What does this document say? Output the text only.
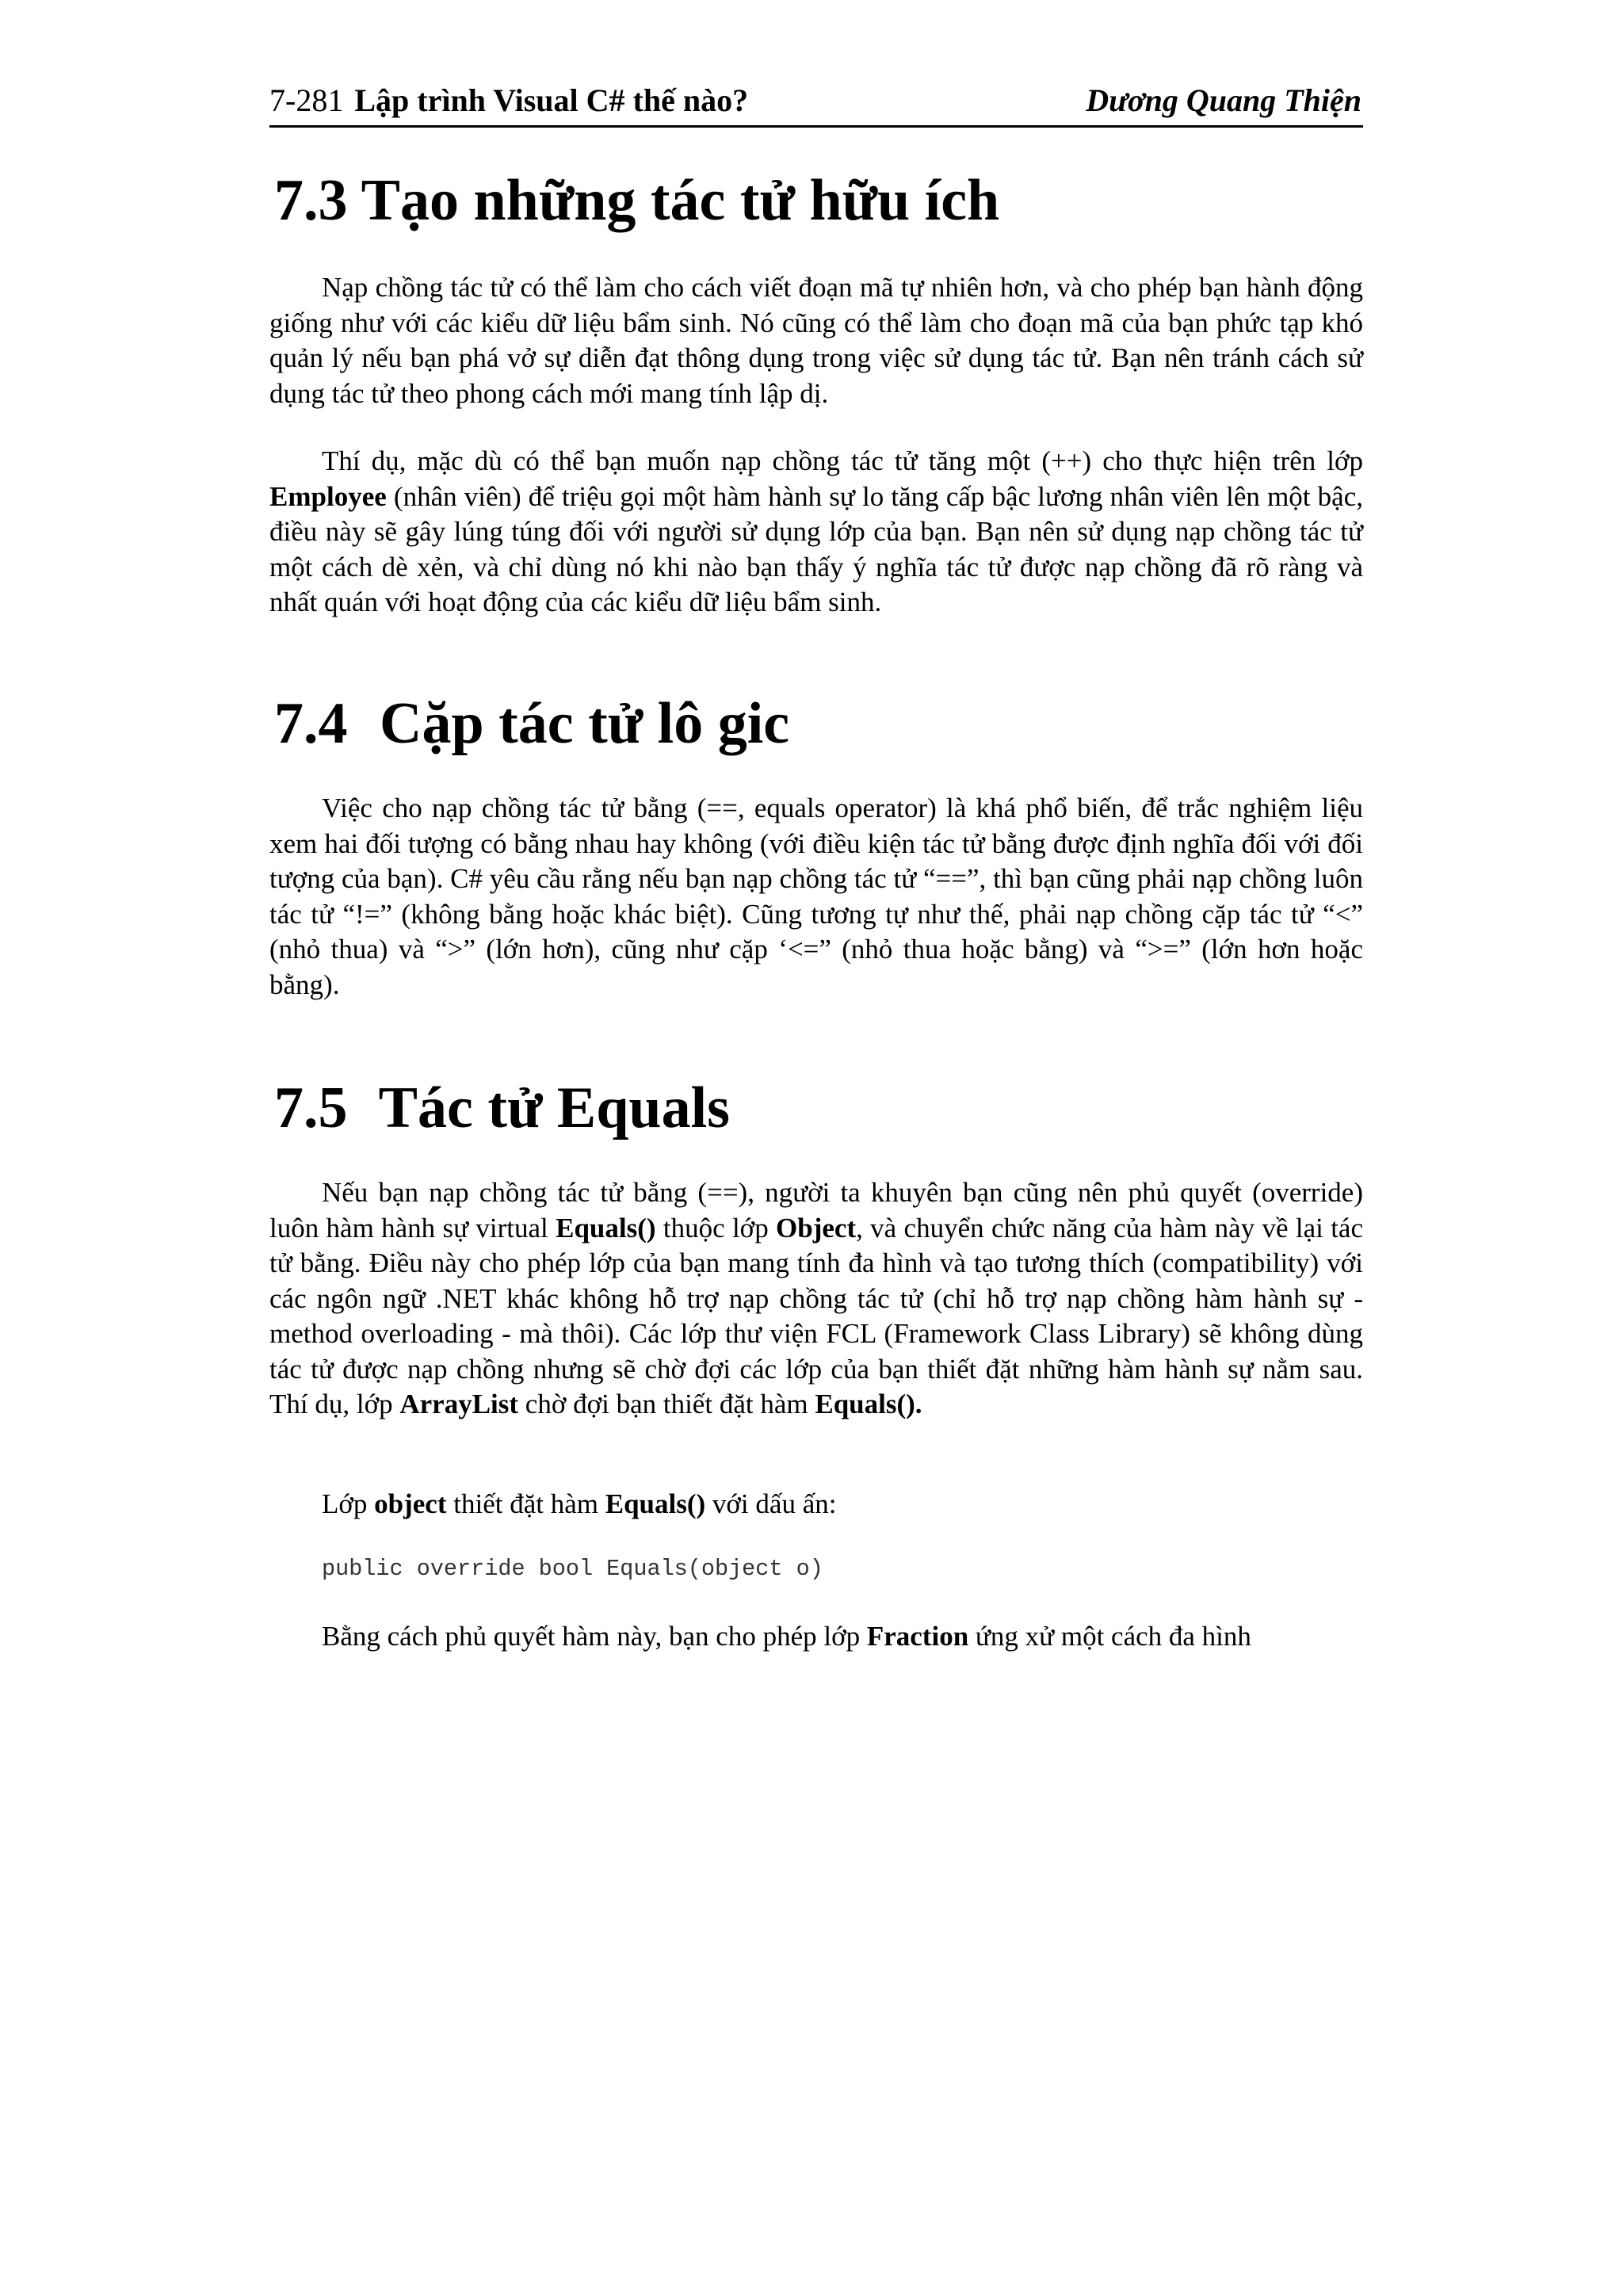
7-281 Lập trình Visual C# thế nào?	Dương Quang Thiện
7.3 Tạo những tác tử hữu ích

Nạp chồng tác tử có thể làm cho cách viết đoạn mã tự nhiên hơn, và cho phép bạn hành động giống như với các kiểu dữ liệu bẩm sinh. Nó cũng có thể làm cho đoạn mã của bạn phức tạp khó quản lý nếu bạn phá vở sự diễn đạt thông dụng trong việc sử dụng tác tử. Bạn nên tránh cách sử dụng tác tử theo phong cách mới mang tính lập dị.

Thí dụ, mặc dù có thể bạn muốn nạp chồng tác tử tăng một (++) cho thực hiện trên lớp Employee (nhân viên) để triệu gọi một hàm hành sự lo tăng cấp bậc lương nhân viên lên một bậc, điều này sẽ gây lúng túng đối với người sử dụng lớp của bạn. Bạn nên sử dụng nạp chồng tác tử một cách dè xẻn, và chỉ dùng nó khi nào bạn thấy ý nghĩa tác tử được nạp chồng đã rõ ràng và nhất quán với hoạt động của các kiểu dữ liệu bẩm sinh.

7.4 Cặp tác tử lô gic

Việc cho nạp chồng tác tử bằng (==, equals operator) là khá phổ biến, để trắc nghiệm liệu xem hai đối tượng có bằng nhau hay không (với điều kiện tác tử bằng được định nghĩa đối với đối tượng của bạn). C# yêu cầu rằng nếu bạn nạp chồng tác tử “==”, thì bạn cũng phải nạp chồng luôn tác tử “!=” (không bằng hoặc khác biệt). Cũng tương tự như thế, phải nạp chồng cặp tác tử “<” (nhỏ thua) và “>” (lớn hơn), cũng như cặp ‘<=” (nhỏ thua hoặc bằng) và “>=” (lớn hơn hoặc bằng).

7.5 Tác tử Equals

Nếu bạn nạp chồng tác tử bằng (==), người ta khuyên bạn cũng nên phủ quyết (override) luôn hàm hành sự virtual Equals() thuộc lớp Object, và chuyển chức năng của hàm này về lại tác tử bằng. Điều này cho phép lớp của bạn mang tính đa hình và tạo tương thích (compatibility) với các ngôn ngữ .NET khác không hỗ trợ nạp chồng tác tử (chỉ hỗ trợ nạp chồng hàm hành sự - method overloading - mà thôi). Các lớp thư viện FCL (Framework Class Library) sẽ không dùng tác tử được nạp chồng nhưng sẽ chờ đợi các lớp của bạn thiết đặt những hàm hành sự nằm sau. Thí dụ, lớp ArrayList chờ đợi bạn thiết đặt hàm Equals().

Lớp object thiết đặt hàm Equals() với dấu ấn:

public override bool Equals(object o)

Bằng cách phủ quyết hàm này, bạn cho phép lớp Fraction ứng xử một cách đa hình
